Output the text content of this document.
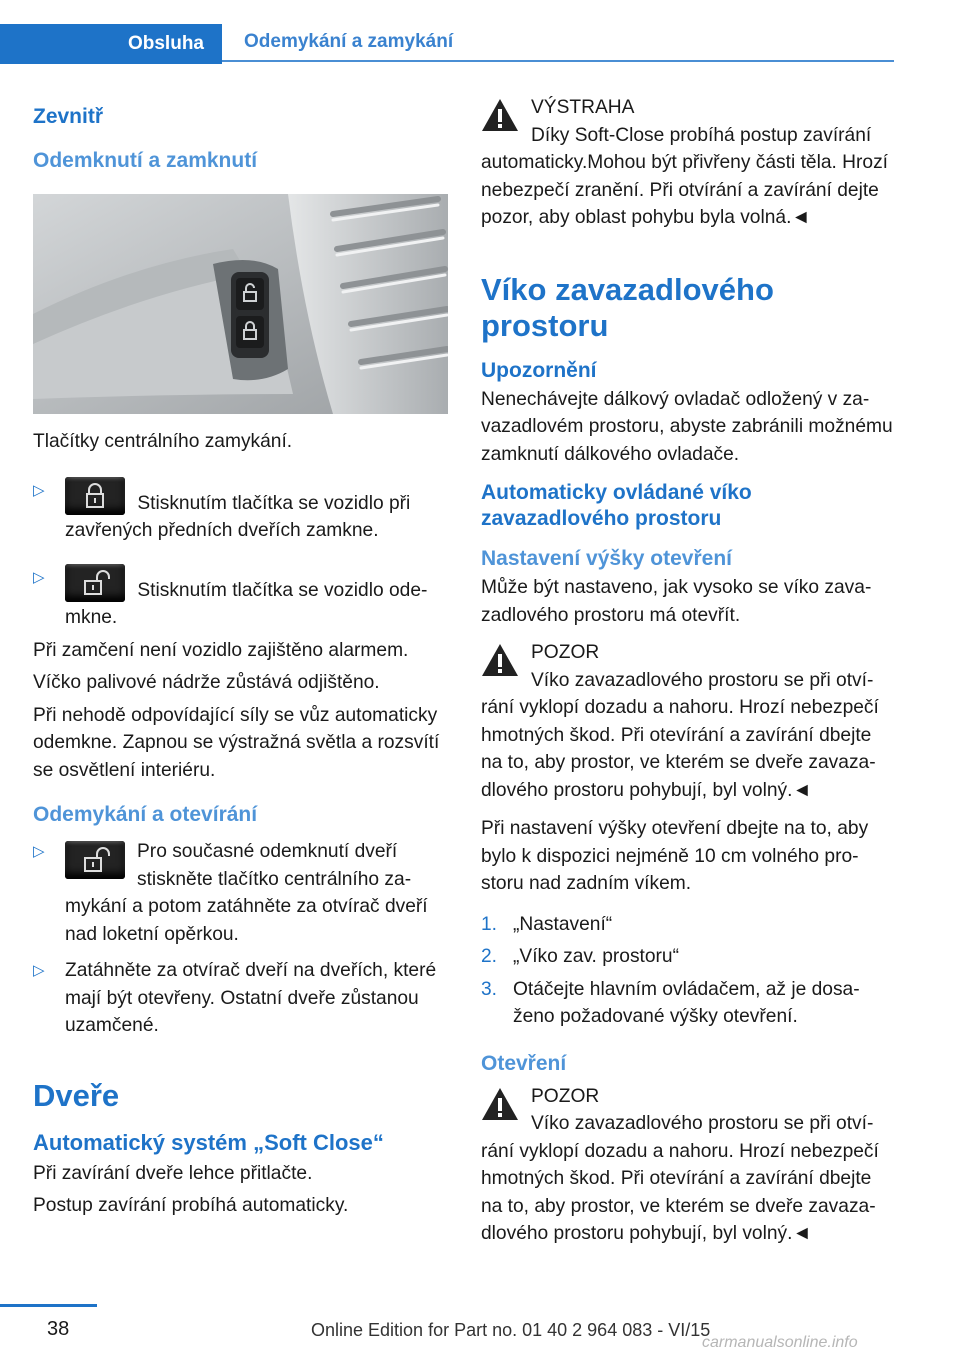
Obsluha Odemykání a zamykání

Zevnitř

Odemknutí a zamknutí

Tlačítky centrálního zamykání.

▷
Stisknutím tlačítka se vozidlo při zavřených předních dveřích zamkne.
▷
Stisknutím tlačítka se vozidlo odemkne.

Při zamčení není vozidlo zajištěno alarmem.

Víčko palivové nádrže zůstává odjištěno.

Při nehodě odpovídající síly se vůz automaticky odemkne. Zapnou se výstražná světla a rozsvítí se osvětlení interiéru.

Odemykání a otevírání

▷	Pro současné odemknutí dveří stiskněte tlačítko centrálního zamykání a potom zatáhněte za otvírač dveří nad loketní opěrkou.
▷ Zatáhněte za otvírač dveří na dveřích, které mají být otevřeny. Ostatní dveře zůstanou uzamčené.

Dveře

Automatický systém „Soft Close“

Při zavírání dveře lehce přitlačte.

Postup zavírání probíhá automaticky.

VÝSTRAHA
Díky Soft-Close probíhá postup zavírání automaticky.Mohou být přivřeny části těla. Hrozí nebezpečí zranění. Při otvírání a zavírání dejte pozor, aby oblast pohybu byla volná.◄

Víko zavazadlového prostoru

Upozornění

Nenechávejte dálkový ovladač odložený v zavazadlovém prostoru, abyste zabránili možnému zamknutí dálkového ovladače.

Automaticky ovládané víko zavazadlového prostoru

Nastavení výšky otevření

Může být nastaveno, jak vysoko se víko zavazadlového prostoru má otevřít.

POZOR
Víko zavazadlového prostoru se při otvírání vyklopí dozadu a nahoru. Hrozí nebezpečí hmotných škod. Při otevírání a zavírání dbejte na to, aby prostor, ve kterém se dveře zavazadlového prostoru pohybují, byl volný.◄

Při nastavení výšky otevření dbejte na to, aby bylo k dispozici nejméně 10 cm volného prostoru nad zadním víkem.

1. „Nastavení“
2. „Víko zav. prostoru“
3. Otáčejte hlavním ovládačem, až je dosaženo požadované výšky otevření.

Otevření

POZOR
Víko zavazadlového prostoru se při otvírání vyklopí dozadu a nahoru. Hrozí nebezpečí hmotných škod. Při otevírání a zavírání dbejte na to, aby prostor, ve kterém se dveře zavazadlového prostoru pohybují, byl volný.◄
38	Online Edition for Part no. 01 40 2 964 083 - VI/15
carmanualsonline.info
